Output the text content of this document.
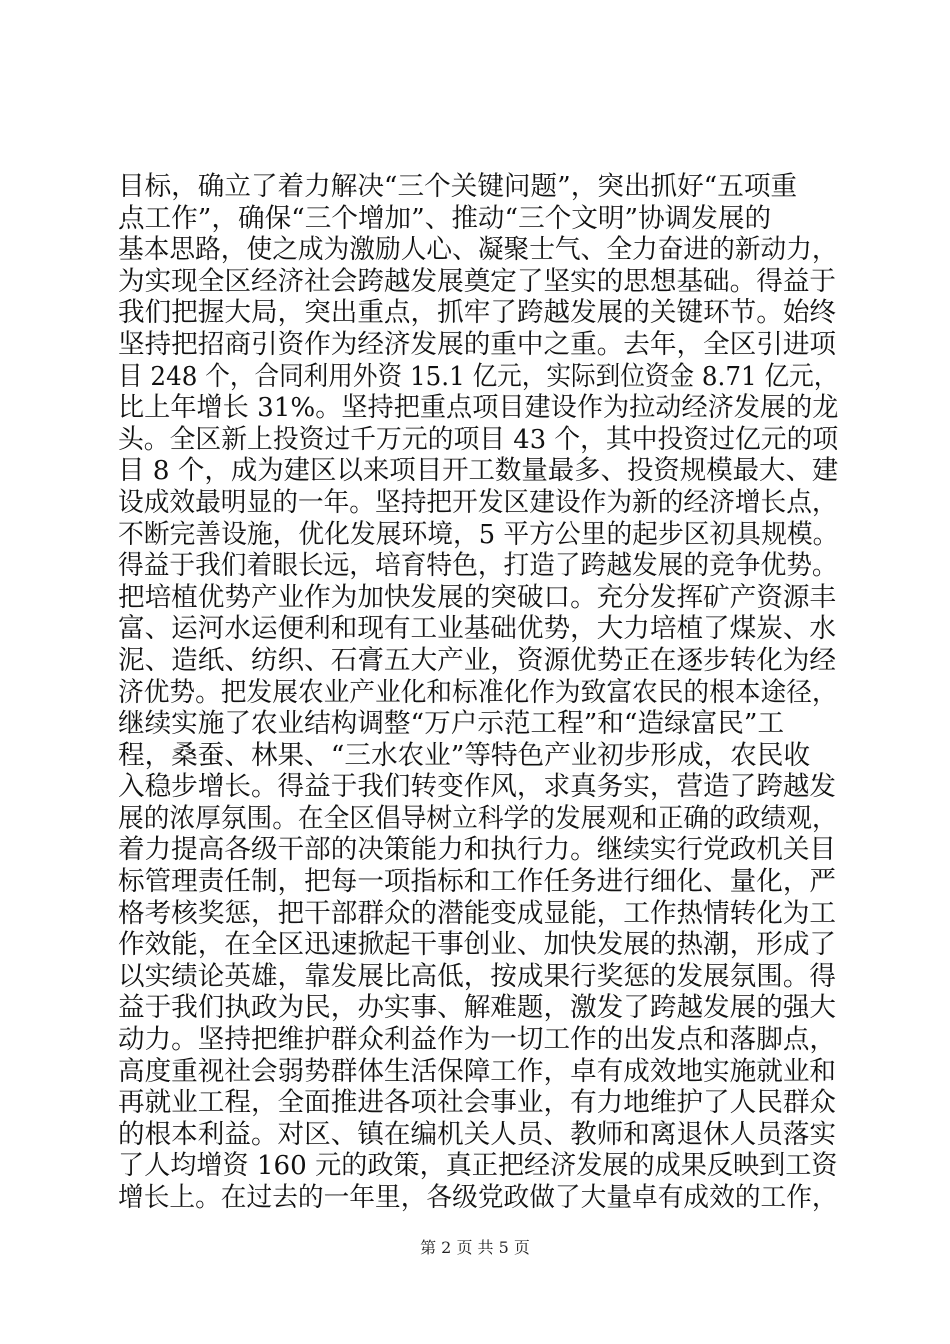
目标，确立了着力解决“三个关键问题”，突出抓好“五项重
点工作”，确保“三个增加”、推动“三个文明”协调发展的
基本思路，使之成为激励人心、凝聚士气、全力奋进的新动力，
为实现全区经济社会跨越发展奠定了坚实的思想基础。得益于
我们把握大局，突出重点，抓牢了跨越发展的关键环节。始终
坚持把招商引资作为经济发展的重中之重。去年，全区引进项
目 248 个，合同利用外资 15.1 亿元，实际到位资金 8.71 亿元，
比上年增长 31%。坚持把重点项目建设作为拉动经济发展的龙
头。全区新上投资过千万元的项目 43 个，其中投资过亿元的项
目 8 个，成为建区以来项目开工数量最多、投资规模最大、建
设成效最明显的一年。坚持把开发区建设作为新的经济增长点，
不断完善设施，优化发展环境，5 平方公里的起步区初具规模。
得益于我们着眼长远，培育特色，打造了跨越发展的竞争优势。
把培植优势产业作为加快发展的突破口。充分发挥矿产资源丰
富、运河水运便利和现有工业基础优势，大力培植了煤炭、水
泥、造纸、纺织、石膏五大产业，资源优势正在逐步转化为经
济优势。把发展农业产业化和标准化作为致富农民的根本途径，
继续实施了农业结构调整“万户示范工程”和“造绿富民”工
程，桑蚕、林果、“三水农业”等特色产业初步形成，农民收
入稳步增长。得益于我们转变作风，求真务实，营造了跨越发
展的浓厚氛围。在全区倡导树立科学的发展观和正确的政绩观，
着力提高各级干部的决策能力和执行力。继续实行党政机关目
标管理责任制，把每一项指标和工作任务进行细化、量化，严
格考核奖惩，把干部群众的潜能变成显能，工作热情转化为工
作效能，在全区迅速掀起干事创业、加快发展的热潮，形成了
以实绩论英雄，靠发展比高低，按成果行奖惩的发展氛围。得
益于我们执政为民，办实事、解难题，激发了跨越发展的强大
动力。坚持把维护群众利益作为一切工作的出发点和落脚点，
高度重视社会弱势群体生活保障工作，卓有成效地实施就业和
再就业工程，全面推进各项社会事业，有力地维护了人民群众
的根本利益。对区、镇在编机关人员、教师和离退休人员落实
了人均增资 160 元的政策，真正把经济发展的成果反映到工资
增长上。在过去的一年里，各级党政做了大量卓有成效的工作，
第 2 页 共 5 页
